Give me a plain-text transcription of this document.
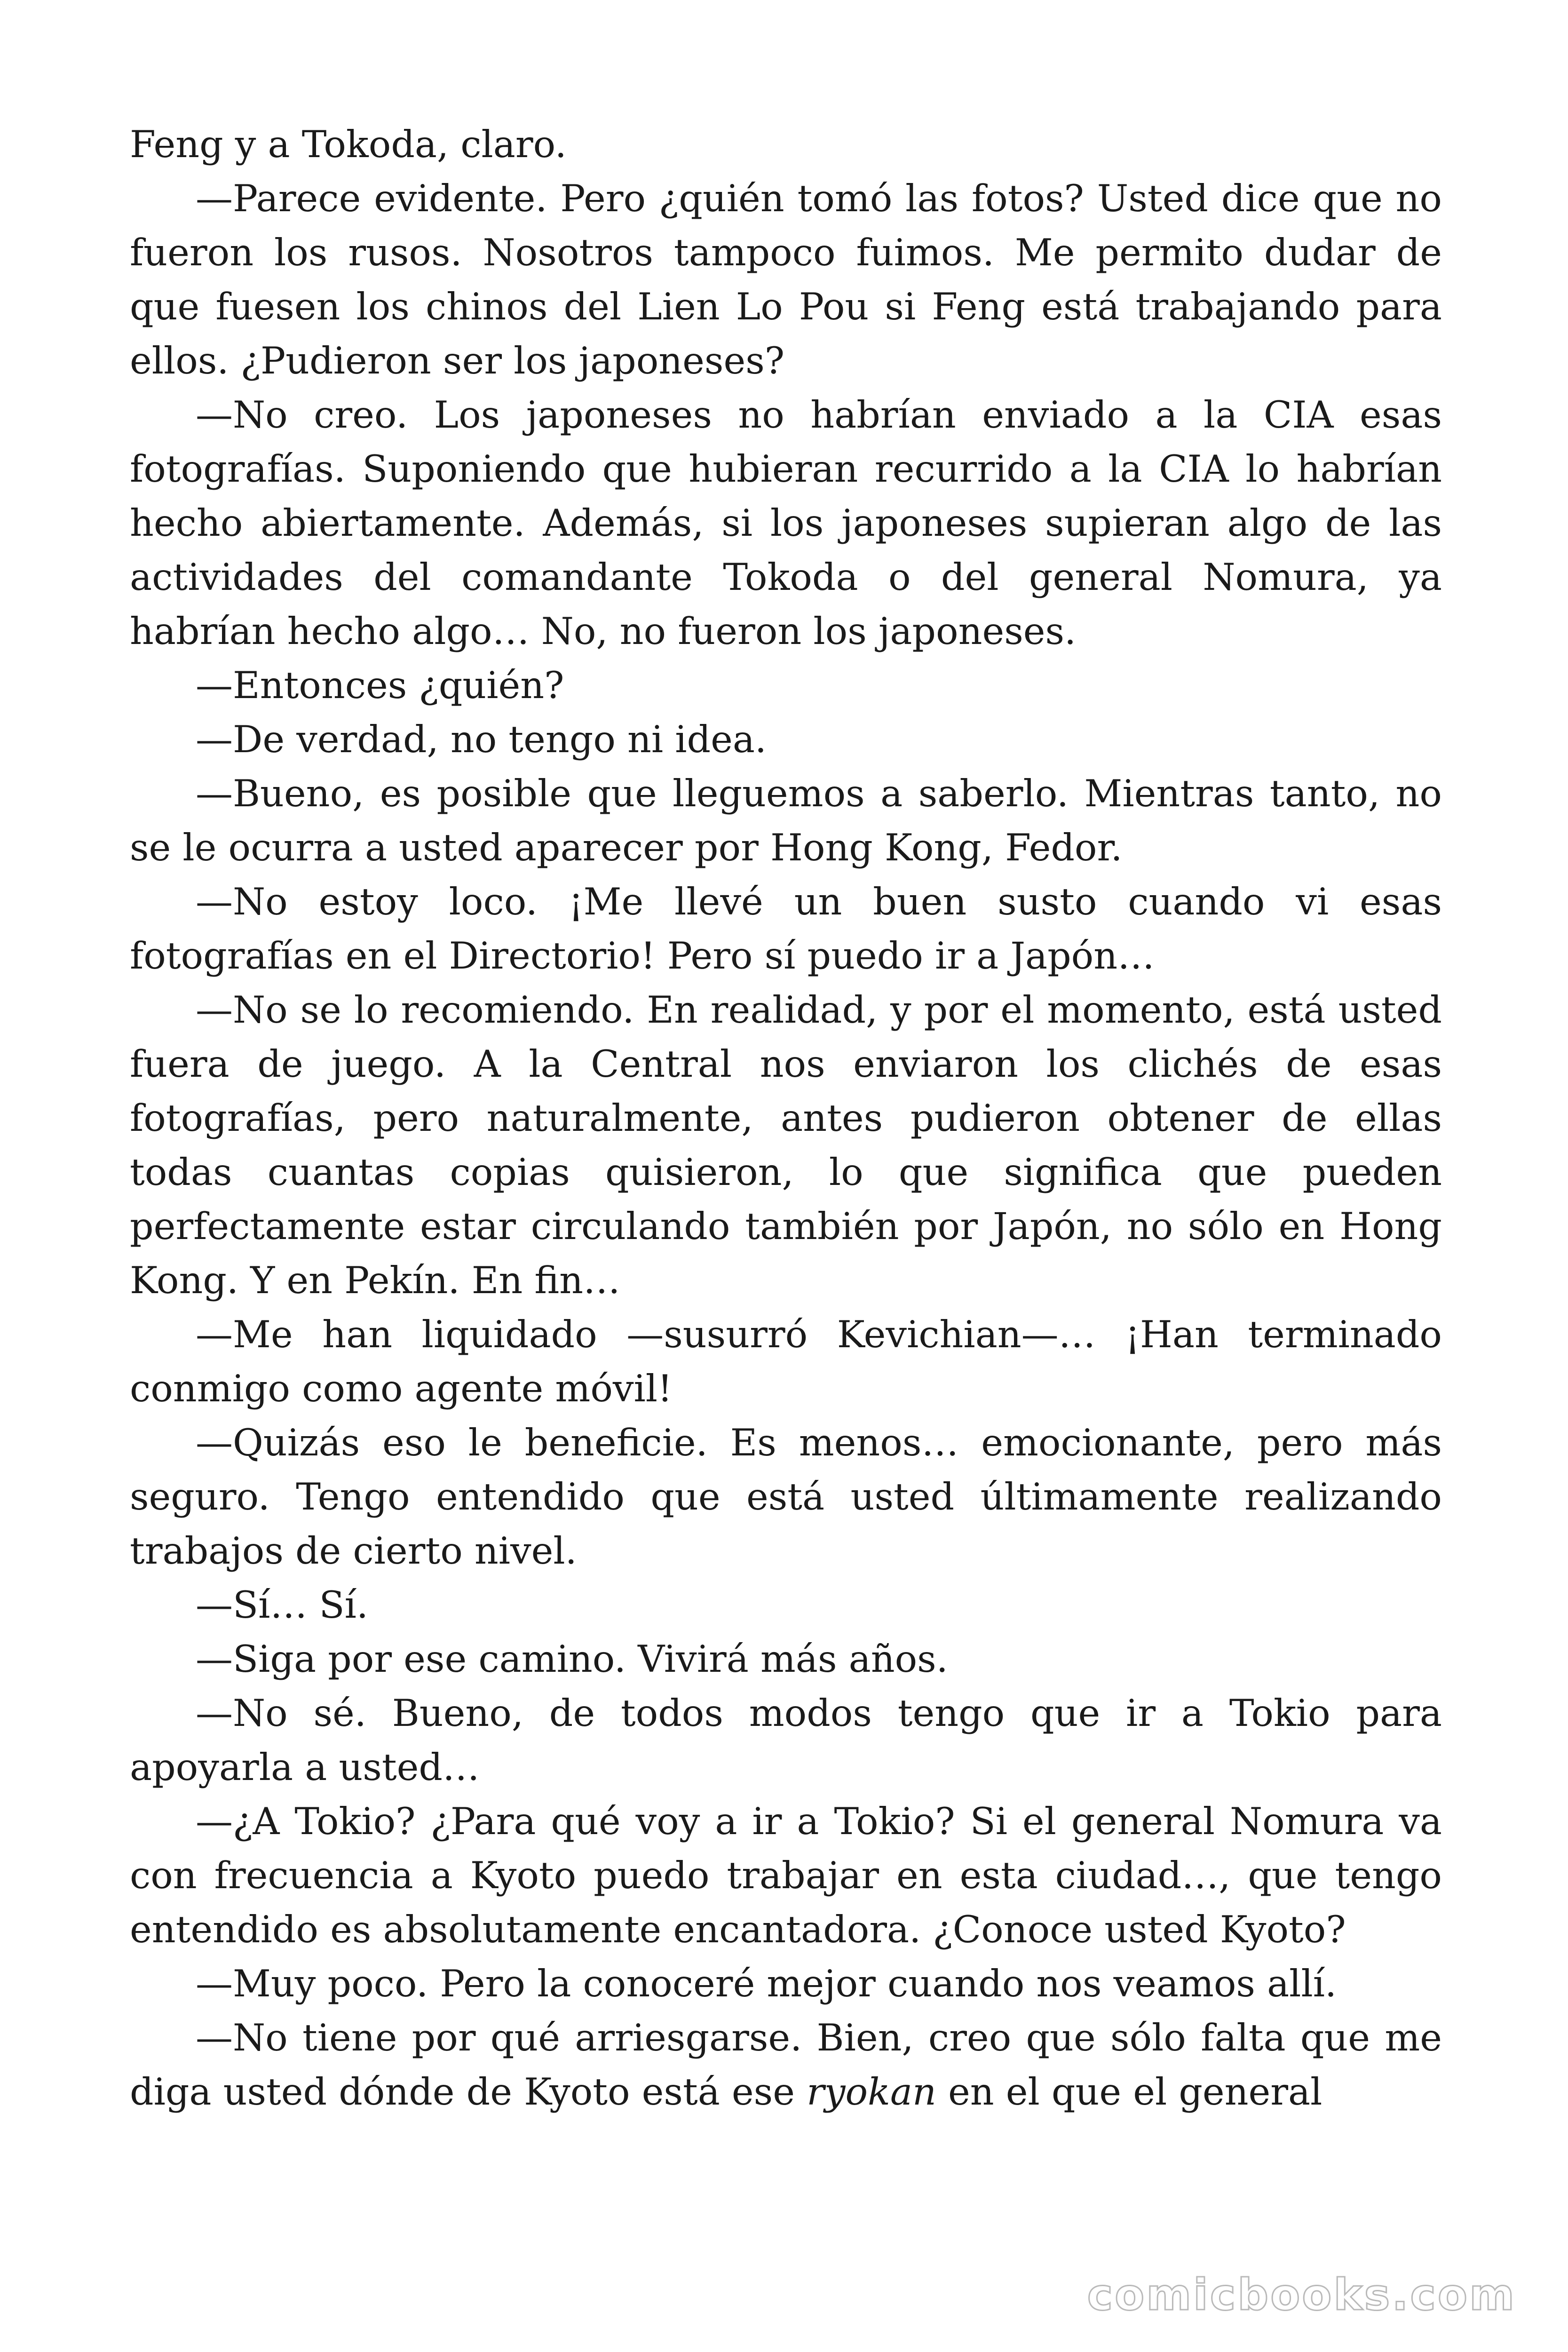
Feng y a Tokoda, claro.

—Parece evidente. Pero ¿quién tomó las fotos? Usted dice que no fueron los rusos. Nosotros tampoco fuimos. Me permito dudar de que fuesen los chinos del Lien Lo Pou si Feng está trabajando para ellos. ¿Pudieron ser los japoneses?

—No creo. Los japoneses no habrían enviado a la CIA esas fotografías. Suponiendo que hubieran recurrido a la CIA lo habrían hecho abiertamente. Además, si los japoneses supieran algo de las actividades del comandante Tokoda o del general Nomura, ya habrían hecho algo… No, no fueron los japoneses.

—Entonces ¿quién?

—De verdad, no tengo ni idea.

—Bueno, es posible que lleguemos a saberlo. Mientras tanto, no se le ocurra a usted aparecer por Hong Kong, Fedor.

—No estoy loco. ¡Me llevé un buen susto cuando vi esas fotografías en el Directorio! Pero sí puedo ir a Japón…

—No se lo recomiendo. En realidad, y por el momento, está usted fuera de juego. A la Central nos enviaron los clichés de esas fotografías, pero naturalmente, antes pudieron obtener de ellas todas cuantas copias quisieron, lo que significa que pueden perfectamente estar circulando también por Japón, no sólo en Hong Kong. Y en Pekín. En fin…

—Me han liquidado —susurró Kevichian—… ¡Han terminado conmigo como agente móvil!

—Quizás eso le beneficie. Es menos… emocionante, pero más seguro. Tengo entendido que está usted últimamente realizando trabajos de cierto nivel.

—Sí… Sí.

—Siga por ese camino. Vivirá más años.

—No sé. Bueno, de todos modos tengo que ir a Tokio para apoyarla a usted…

—¿A Tokio? ¿Para qué voy a ir a Tokio? Si el general Nomura va con frecuencia a Kyoto puedo trabajar en esta ciudad…, que tengo entendido es absolutamente encantadora. ¿Conoce usted Kyoto?

—Muy poco. Pero la conoceré mejor cuando nos veamos allí.

—No tiene por qué arriesgarse. Bien, creo que sólo falta que me diga usted dónde de Kyoto está ese ryokan en el que el general

comicbooks.com
